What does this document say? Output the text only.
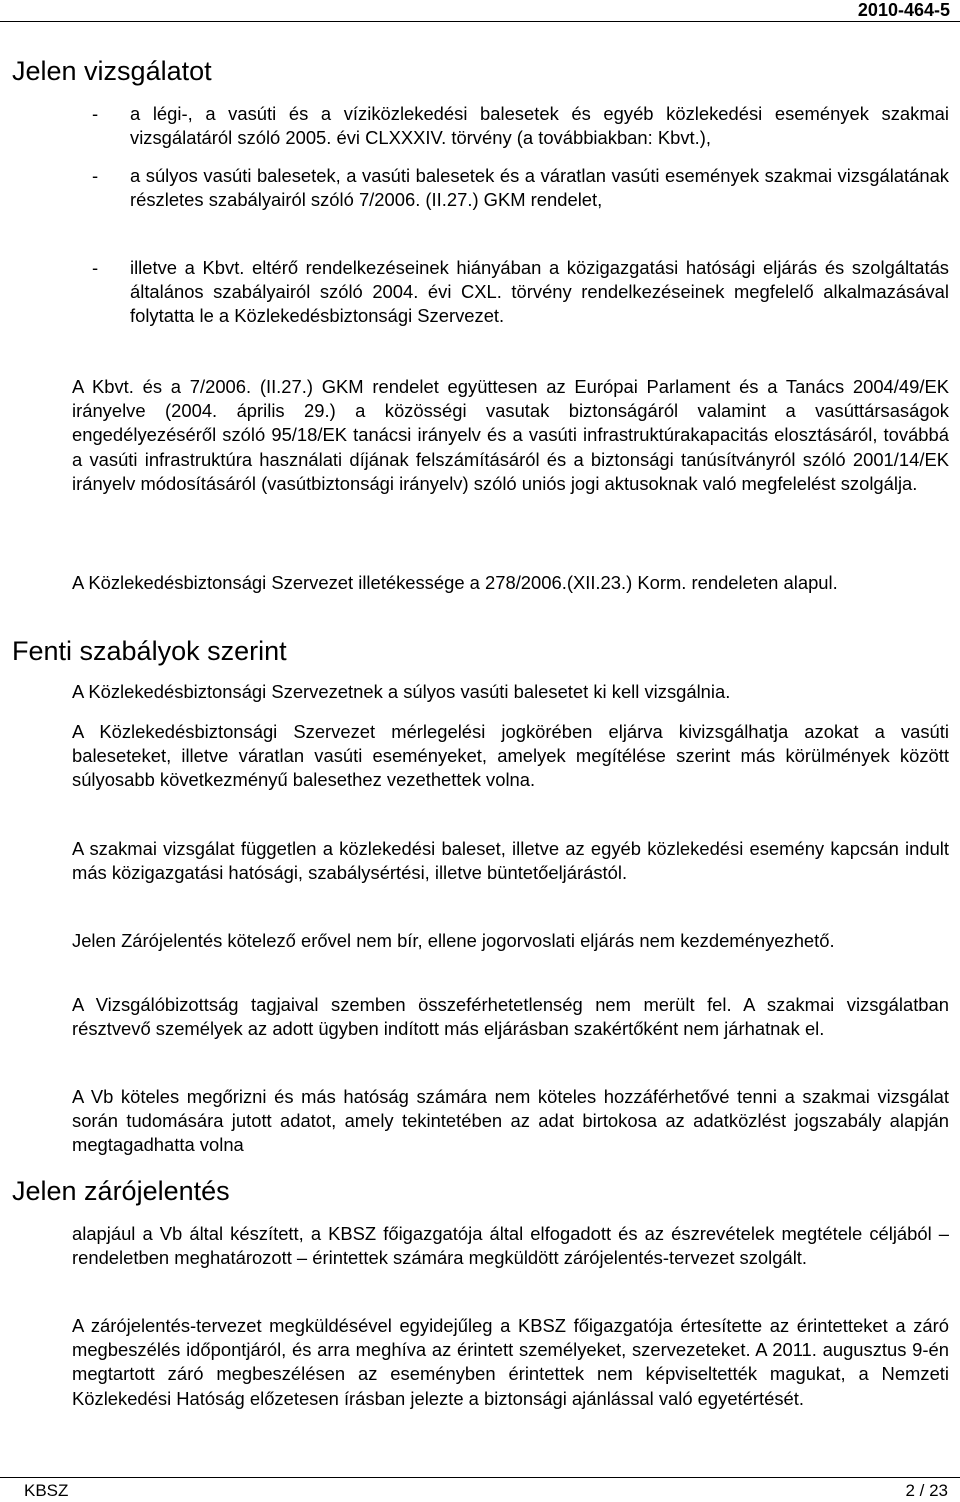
2010-464-5
Jelen vizsgálatot
- a légi-, a vasúti és a víziközlekedési balesetek és egyéb közlekedési események szakmai vizsgálatáról szóló 2005. évi CLXXXIV. törvény (a továbbiakban: Kbvt.),
- a súlyos vasúti balesetek, a vasúti balesetek és a váratlan vasúti események szakmai vizsgálatának részletes szabályairól szóló 7/2006. (II.27.) GKM rendelet,
- illetve a Kbvt. eltérő rendelkezéseinek hiányában a közigazgatási hatósági eljárás és szolgáltatás általános szabályairól szóló 2004. évi CXL. törvény rendelkezéseinek megfelelő alkalmazásával folytatta le a Közlekedésbiztonsági Szervezet.

A Kbvt. és a 7/2006. (II.27.) GKM rendelet együttesen az Európai Parlament és a Tanács 2004/49/EK irányelve (2004. április 29.) a közösségi vasutak biztonságáról valamint a vasúttársaságok engedélyezéséről szóló 95/18/EK tanácsi irányelv és a vasúti infrastruktúrakapacitás elosztásáról, továbbá a vasúti infrastruktúra használati díjának felszámításáról és a biztonsági tanúsítványról szóló 2001/14/EK irányelv módosításáról (vasútbiztonsági irányelv) szóló uniós jogi aktusoknak való megfelelést szolgálja.

A Közlekedésbiztonsági Szervezet illetékessége a 278/2006.(XII.23.) Korm. rendeleten alapul.

Fenti szabályok szerint

A Közlekedésbiztonsági Szervezetnek a súlyos vasúti balesetet ki kell vizsgálnia.

A Közlekedésbiztonsági Szervezet mérlegelési jogkörében eljárva kivizsgálhatja azokat a vasúti baleseteket, illetve váratlan vasúti eseményeket, amelyek megítélése szerint más körülmények között súlyosabb következményű balesethez vezethettek volna.

A szakmai vizsgálat független a közlekedési baleset, illetve az egyéb közlekedési esemény kapcsán indult más közigazgatási hatósági, szabálysértési, illetve büntetőeljárástól.

Jelen Zárójelentés kötelező erővel nem bír, ellene jogorvoslati eljárás nem kezdeményezhető.

A Vizsgálóbizottság tagjaival szemben összeférhetetlenség nem merült fel. A szakmai vizsgálatban résztvevő személyek az adott ügyben indított más eljárásban szakértőként nem járhatnak el.

A Vb köteles megőrizni és más hatóság számára nem köteles hozzáférhetővé tenni a szakmai vizsgálat során tudomására jutott adatot, amely tekintetében az adat birtokosa az adatközlést jogszabály alapján megtagadhatta volna

Jelen zárójelentés

alapjául a Vb által készített, a KBSZ főigazgatója által elfogadott és az észrevételek megtétele céljából – rendeletben meghatározott – érintettek számára megküldött zárójelentés-tervezet szolgált.

A zárójelentés-tervezet megküldésével egyidejűleg a KBSZ főigazgatója értesítette az érintetteket a záró megbeszélés időpontjáról, és arra meghíva az érintett személyeket, szervezeteket. A 2011. augusztus 9-én megtartott záró megbeszélésen az eseményben érintettek nem képviseltették magukat, a Nemzeti Közlekedési Hatóság előzetesen írásban jelezte a biztonsági ajánlással való egyetértését.

KBSZ	2 / 23
